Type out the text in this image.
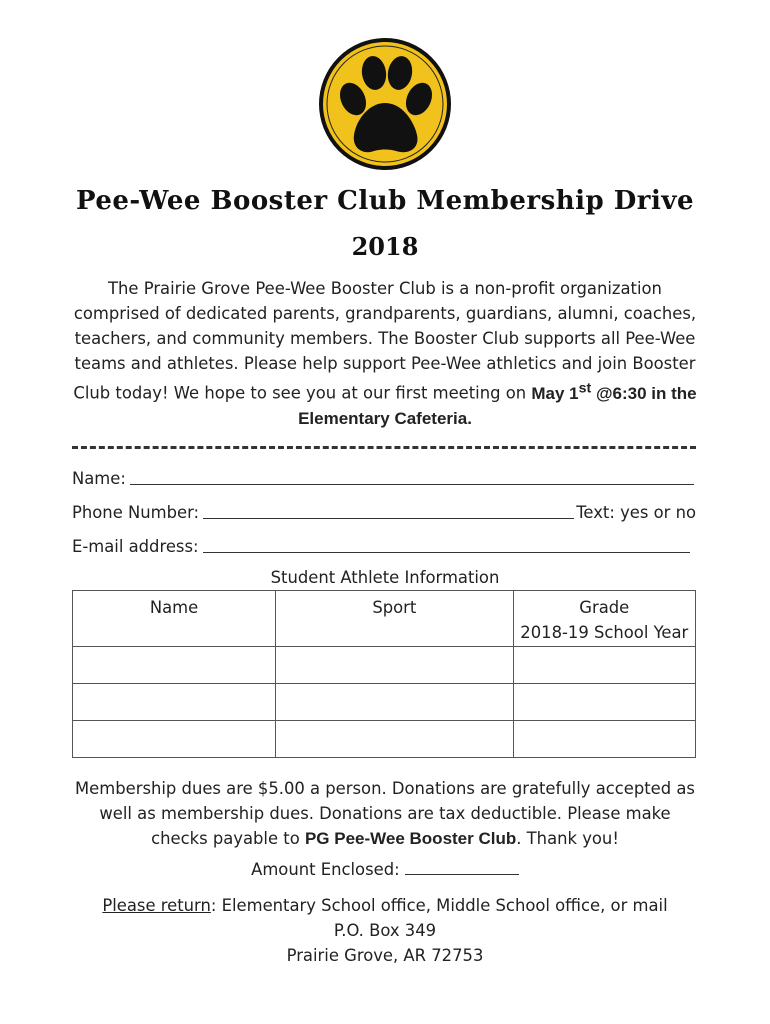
Pee-Wee Booster Club Membership Drive
2018
The Prairie Grove Pee-Wee Booster Club is a non-profit organization comprised of dedicated parents, grandparents, guardians, alumni, coaches, teachers, and community members. The Booster Club supports all Pee-Wee teams and athletes. Please help support Pee-Wee athletics and join Booster Club today! We hope to see you at our first meeting on May 1st @6:30 in the Elementary Cafeteria.
Name:
Phone Number:	Text: yes or no
E-mail address:
Student Athlete Information
Name	Sport	Grade
2018-19 School Year

Membership dues are $5.00 a person. Donations are gratefully accepted as well as membership dues. Donations are tax deductible. Please make checks payable to PG Pee-Wee Booster Club. Thank you!
Amount Enclosed:
Please return: Elementary School office, Middle School office, or mail
P.O. Box 349
Prairie Grove, AR 72753
